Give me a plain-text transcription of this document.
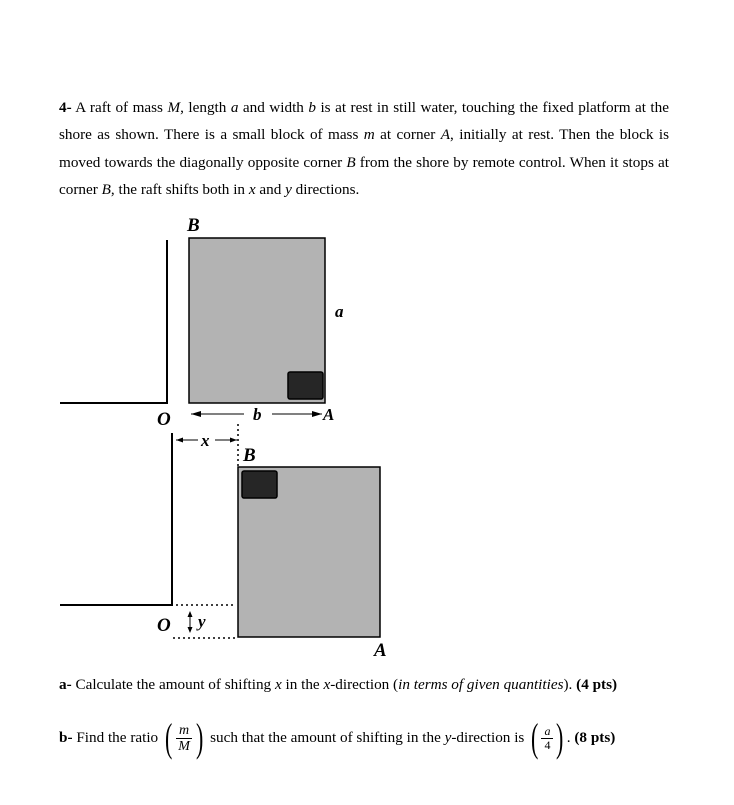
4- A raft of mass M, length a and width b is at rest in still water, touching the fixed platform at the shore as shown. There is a small block of mass m at corner A, initially at rest. Then the block is moved towards the diagonally opposite corner B from the shore by remote control. When it stops at corner B, the raft shifts both in x and y directions.

B
a
O	b	A
x
B
O y
A
a- Calculate the amount of shifting x in the x-direction (in terms of given quantities). (4 pts)
b- Find the ratio ( $\frac{m}{M}$ ) such that the amount of shifting in the y -direction is ( $\frac{a}{4}$ ) . (8 pts)
